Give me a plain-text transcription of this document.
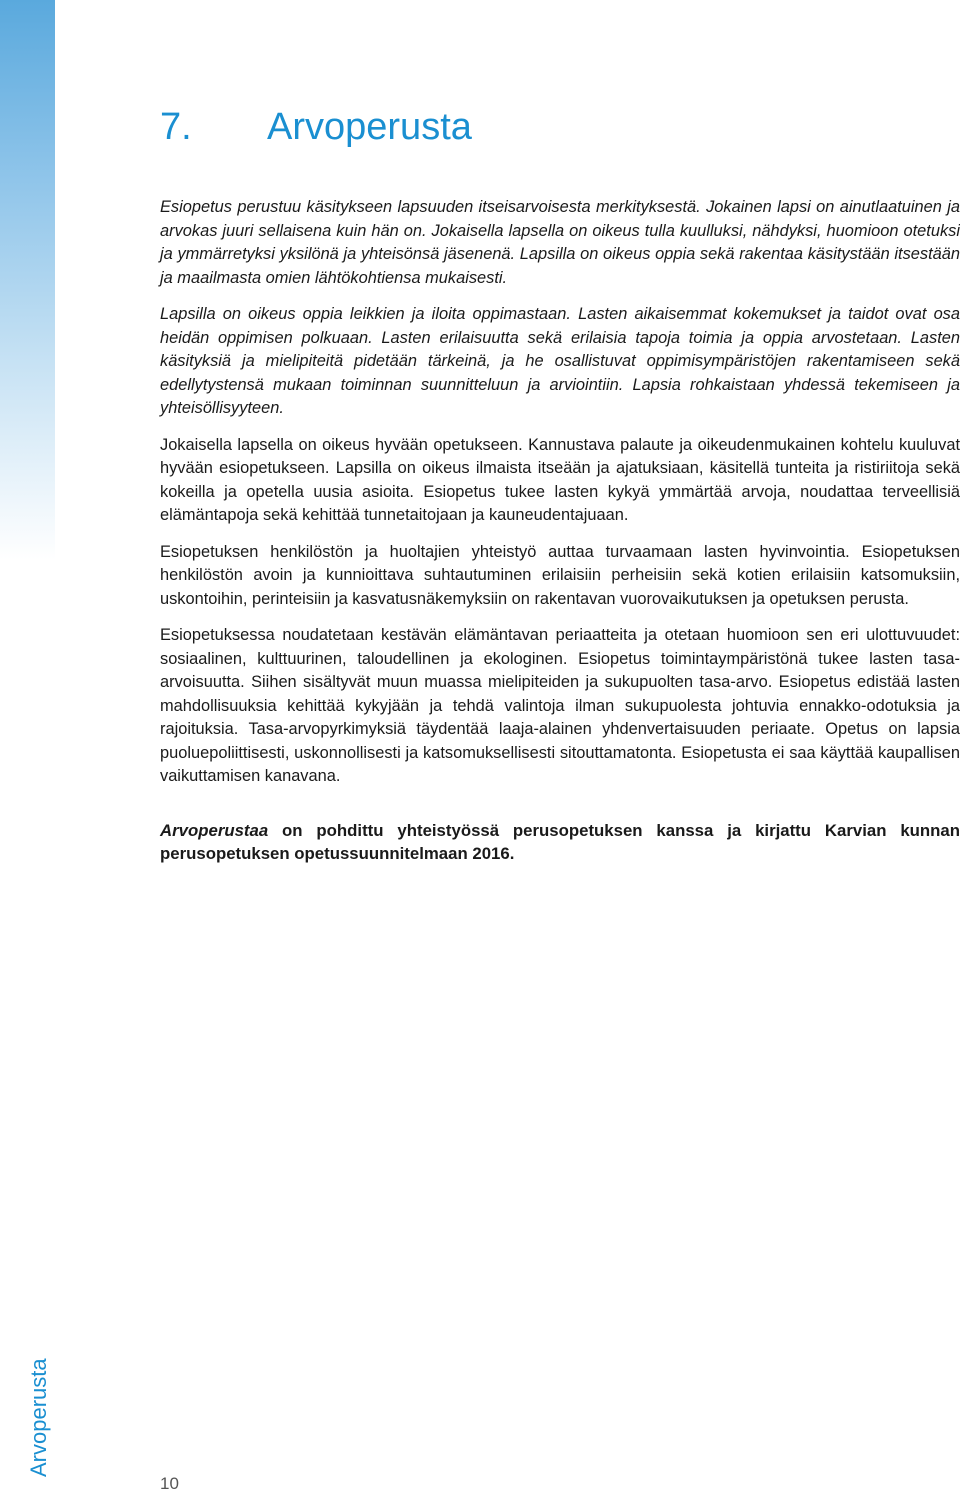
7. Arvoperusta

Esiopetus perustuu käsitykseen lapsuuden itseisarvoisesta merkityksestä. Jokainen lapsi on ainutlaatuinen ja arvokas juuri sellaisena kuin hän on. Jokaisella lapsella on oikeus tulla kuulluksi, nähdyksi, huomioon otetuksi ja ymmärretyksi yksilönä ja yhteisönsä jäsenenä. Lapsilla on oikeus oppia sekä rakentaa käsitystään itsestään ja maailmasta omien lähtökohtiensa mukaisesti.

Lapsilla on oikeus oppia leikkien ja iloita oppimastaan. Lasten aikaisemmat kokemukset ja taidot ovat osa heidän oppimisen polkuaan. Lasten erilaisuutta sekä erilaisia tapoja toimia ja oppia arvostetaan. Lasten käsityksiä ja mielipiteitä pidetään tärkeinä, ja he osallistuvat oppimisympäristöjen rakentamiseen sekä edellytystensä mukaan toiminnan suunnitteluun ja arviointiin. Lapsia rohkaistaan yhdessä tekemiseen ja yhteisöllisyyteen.

Jokaisella lapsella on oikeus hyvään opetukseen. Kannustava palaute ja oikeudenmukainen kohtelu kuuluvat hyvään esiopetukseen. Lapsilla on oikeus ilmaista itseään ja ajatuksiaan, käsitellä tunteita ja ristiriitoja sekä kokeilla ja opetella uusia asioita. Esiopetus tukee lasten kykyä ymmärtää arvoja, noudattaa terveellisiä elämäntapoja sekä kehittää tunnetaitojaan ja kauneudentajuaan.

Esiopetuksen henkilöstön ja huoltajien yhteistyö auttaa turvaamaan lasten hyvinvointia. Esiopetuksen henkilöstön avoin ja kunnioittava suhtautuminen erilaisiin perheisiin sekä kotien erilaisiin katsomuksiin, uskontoihin, perinteisiin ja kasvatusnäkemyksiin on rakentavan vuorovaikutuksen ja opetuksen perusta.

Esiopetuksessa noudatetaan kestävän elämäntavan periaatteita ja otetaan huomioon sen eri ulottuvuudet: sosiaalinen, kulttuurinen, taloudellinen ja ekologinen. Esiopetus toimintaympäristönä tukee lasten tasa-arvoisuutta. Siihen sisältyvät muun muassa mielipiteiden ja sukupuolten tasa-arvo. Esiopetus edistää lasten mahdollisuuksia kehittää kykyjään ja tehdä valintoja ilman sukupuolesta johtuvia ennakko-odotuksia ja rajoituksia. Tasa-arvopyrkimyksiä täydentää laaja-alainen yhdenvertaisuuden periaate. Opetus on lapsia puoluepoliittisesti, uskonnollisesti ja katsomuksellisesti sitouttamatonta. Esiopetusta ei saa käyttää kaupallisen vaikuttamisen kanavana.

Arvoperustaa on pohdittu yhteistyössä perusopetuksen kanssa ja kirjattu Karvian kunnan perusopetuksen opetussuunnitelmaan 2016.

Arvoperusta
10
